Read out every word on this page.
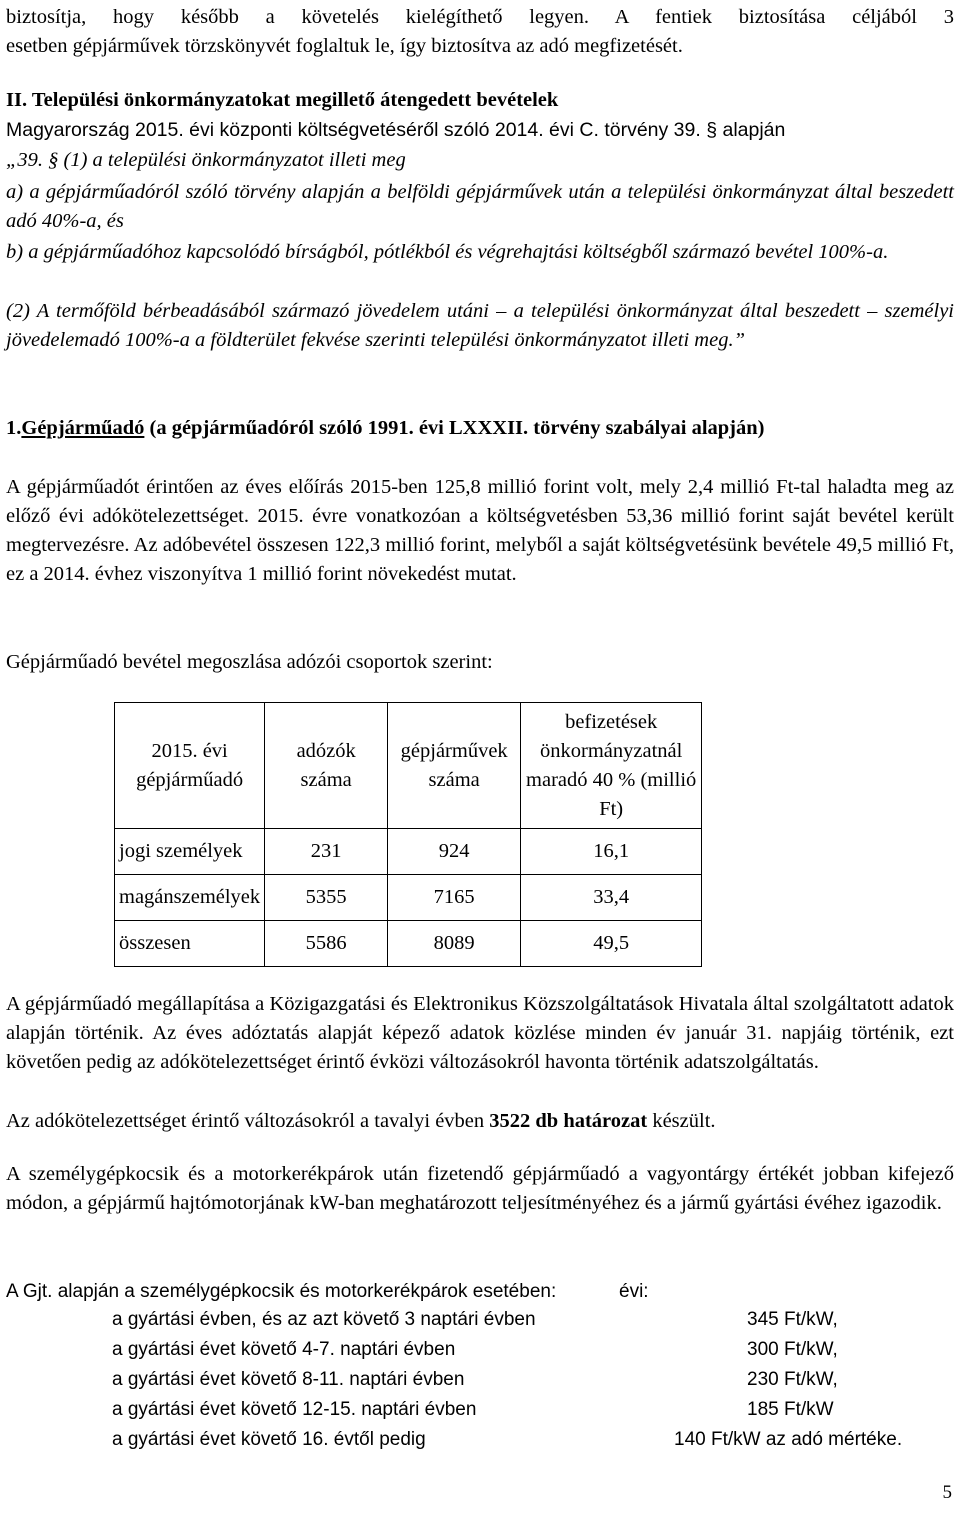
biztosítja, hogy később a követelés kielégíthető legyen. A fentiek biztosítása céljából 3

esetben gépjárművek törzskönyvét foglaltuk le, így biztosítva az adó megfizetését.

II. Települési önkormányzatokat megillető átengedett bevételek

Magyarország 2015. évi központi költségvetéséről szóló 2014. évi C. törvény 39. § alapján

„39. § (1) a települési önkormányzatot illeti meg

a) a gépjárműadóról szóló törvény alapján a belföldi gépjárművek után a települési önkormányzat által beszedett adó 40%-a, és

b) a gépjárműadóhoz kapcsolódó bírságból, pótlékból és végrehajtási költségből származó bevétel 100%-a.

(2) A termőföld bérbeadásából származó jövedelem utáni – a települési önkormányzat által beszedett – személyi jövedelemadó 100%-a a földterület fekvése szerinti települési önkormányzatot illeti meg.”

1.Gépjárműadó (a gépjárműadóról szóló 1991. évi LXXXII. törvény szabályai alapján)

A gépjárműadót érintően az éves előírás 2015-ben 125,8 millió forint volt, mely 2,4 millió Ft-tal haladta meg az előző évi adókötelezettséget. 2015. évre vonatkozóan a költségvetésben 53,36 millió forint saját bevétel került megtervezésre. Az adóbevétel összesen 122,3 millió forint, melyből a saját költségvetésünk bevétele 49,5 millió Ft, ez a 2014. évhez viszonyítva 1 millió forint növekedést mutat.

Gépjárműadó bevétel megoszlása adózói csoportok szerint:

2015. évi gépjárműadó	adózók száma	gépjárművek száma	befizetések önkormányzatnál maradó 40 % (millió Ft)
jogi személyek	231	924	16,1
magánszemélyek	5355	7165	33,4
összesen	5586	8089	49,5

A gépjárműadó megállapítása a Közigazgatási és Elektronikus Közszolgáltatások Hivatala által szolgáltatott adatok alapján történik. Az éves adóztatás alapját képező adatok közlése minden év január 31. napjáig történik, ezt követően pedig az adókötelezettséget érintő évközi változásokról havonta történik adatszolgáltatás.

Az adókötelezettséget érintő változásokról a tavalyi évben 3522 db határozat készült.

A személygépkocsik és a motorkerékpárok után fizetendő gépjárműadó a vagyontárgy értékét jobban kifejező módon, a gépjármű hajtómotorjának kW-ban meghatározott teljesítményéhez és a jármű gyártási évéhez igazodik.

A Gjt. alapján a személygépkocsik és motorkerékpárok esetében:

a gyártási évben, és az azt követő 3 naptári évben	345 Ft/kW,
a gyártási évet követő 4-7. naptári évben	300 Ft/kW,
a gyártási évet követő 8-11. naptári évben	230 Ft/kW,
a gyártási évet követő 12-15. naptári évben	185 Ft/kW
a gyártási évet követő 16. évtől pedig	140 Ft/kW az adó mértéke.
évi:
5
